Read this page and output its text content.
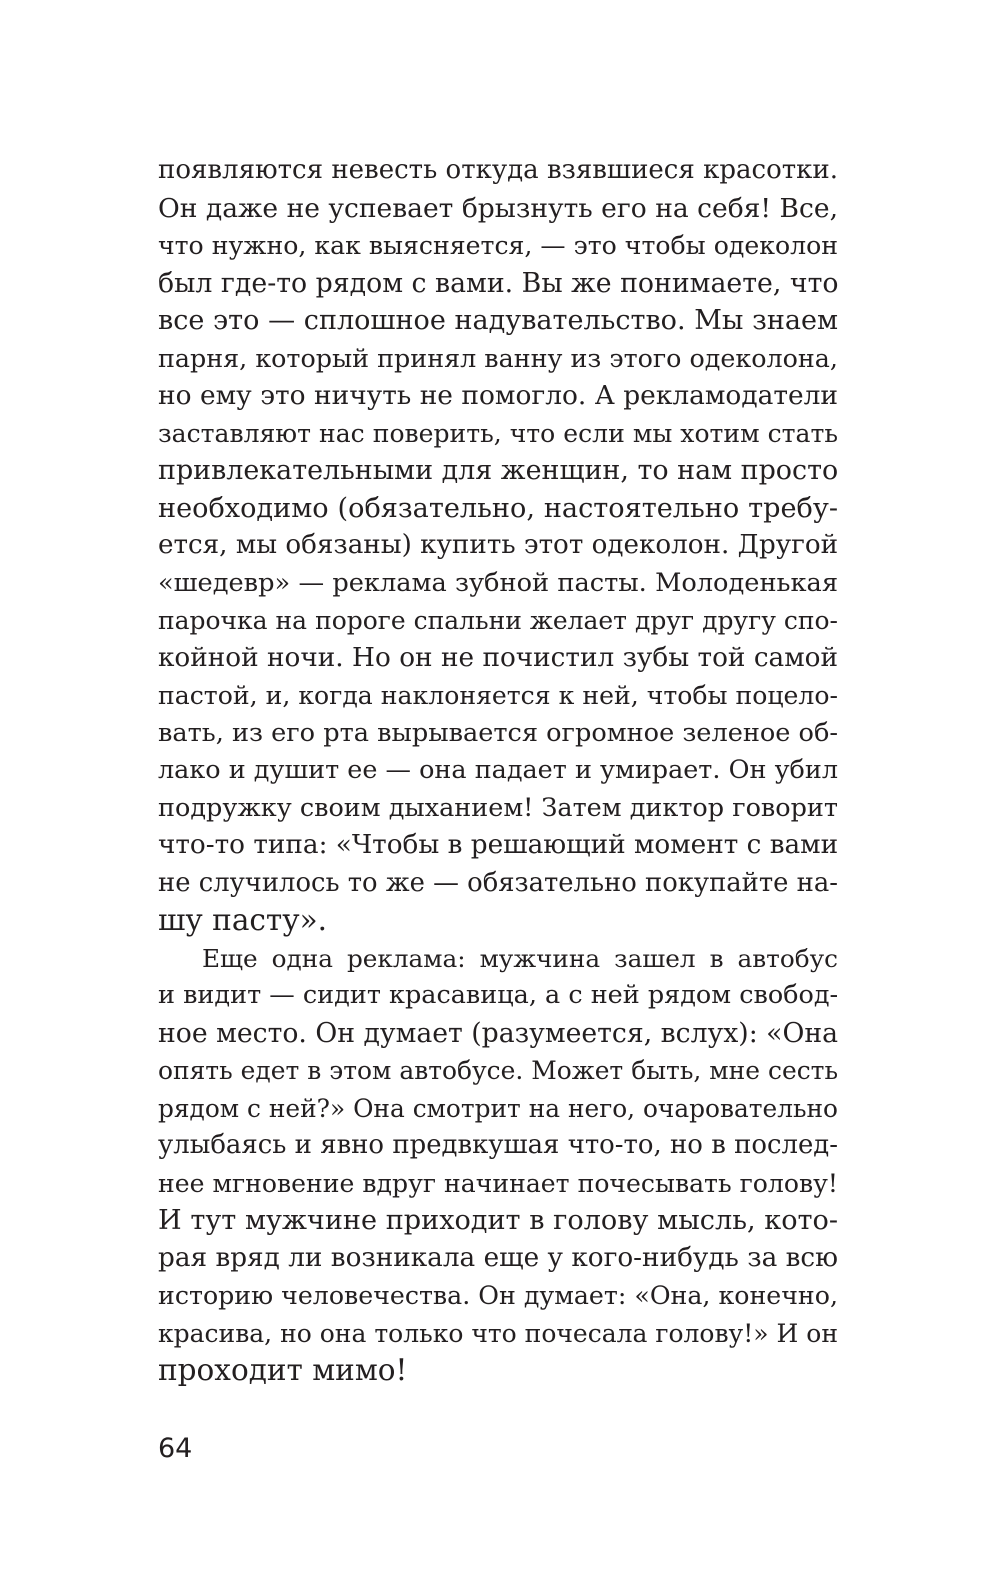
появляются невесть откуда взявшиеся красотки.
Он даже не успевает брызнуть его на себя! Все,
что нужно, как выясняется, — это чтобы одеколон
был где-то рядом с вами. Вы же понимаете, что
все это — сплошное надувательство. Мы знаем
парня, который принял ванну из этого одеколона,
но ему это ничуть не помогло. А рекламодатели
заставляют нас поверить, что если мы хотим стать
привлекательными для женщин, то нам просто
необходимо (обязательно, настоятельно требу-
ется, мы обязаны) купить этот одеколон. Другой
«шедевр» — реклама зубной пасты. Молоденькая
парочка на пороге спальни желает друг другу спо-
койной ночи. Но он не почистил зубы той самой
пастой, и, когда наклоняется к ней, чтобы поцело-
вать, из его рта вырывается огромное зеленое об-
лако и душит ее — она падает и умирает. Он убил
подружку своим дыханием! Затем диктор говорит
что-то типа: «Чтобы в решающий момент с вами
не случилось то же — обязательно покупайте на-
шу пасту».
Еще одна реклама: мужчина зашел в автобус
и видит — сидит красавица, а с ней рядом свобод-
ное место. Он думает (разумеется, вслух): «Она
опять едет в этом автобусе. Может быть, мне сесть
рядом с ней?» Она смотрит на него, очаровательно
улыбаясь и явно предвкушая что-то, но в послед-
нее мгновение вдруг начинает почесывать голову!
И тут мужчине приходит в голову мысль, кото-
рая вряд ли возникала еще у кого-нибудь за всю
историю человечества. Он думает: «Она, конечно,
красива, но она только что почесала голову!» И он
проходит мимо!
64
